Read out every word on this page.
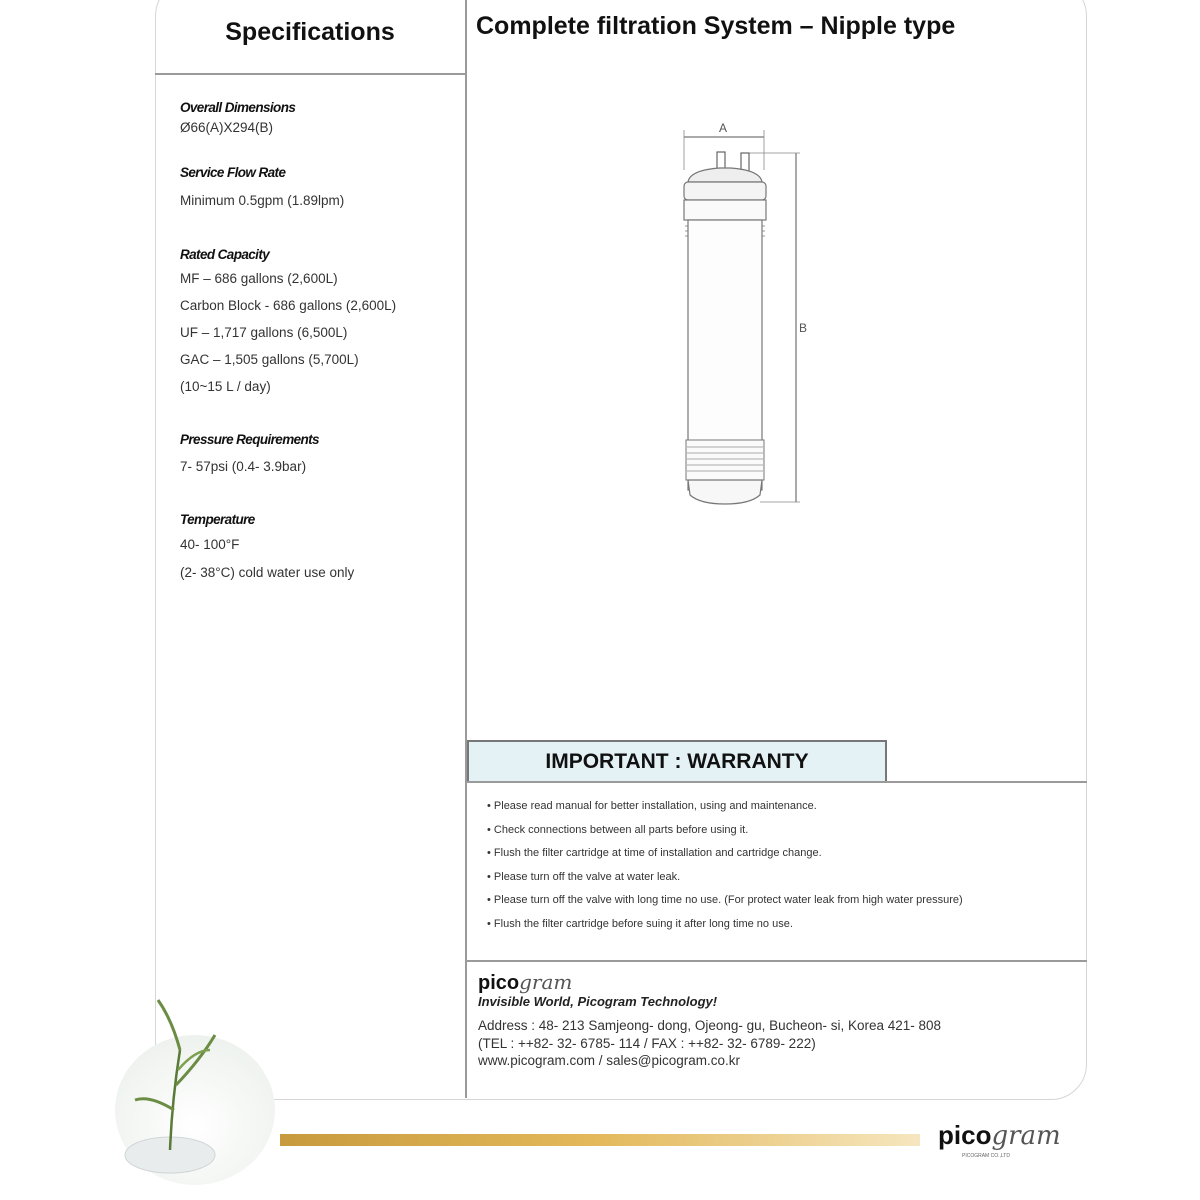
Specifications	Complete filtration System – Nipple type
Overall Dimensions
Ø66(A)X294(B)
Service Flow Rate
Minimum 0.5gpm (1.89lpm)
Rated Capacity
MF – 686 gallons (2,600L)
Carbon Block - 686 gallons (2,600L)
UF – 1,717 gallons (6,500L)
GAC – 1,505 gallons (5,700L)
(10~15 L / day)
Pressure Requirements
7- 57psi (0.4- 3.9bar)
Temperature
40- 100°F
(2- 38°C) cold water use only
A
B
IMPORTANT : WARRANTY
• Please read manual for better installation, using and maintenance.
• Check connections between all parts before using it.
• Flush the filter cartridge at time of installation and cartridge change.
• Please turn off the valve at water leak.
• Please turn off the valve with long time no use. (For protect water leak from high water pressure)
• Flush the filter cartridge before suing it after long time no use.
picogram
Invisible World, Picogram Technology!
Address : 48- 213 Samjeong- dong, Ojeong- gu, Bucheon- si, Korea 421- 808
(TEL : ++82- 32- 6785- 114 / FAX : ++82- 32- 6789- 222)
www.picogram.com / sales@picogram.co.kr
picogram
PICOGRAM CO.,LTD
